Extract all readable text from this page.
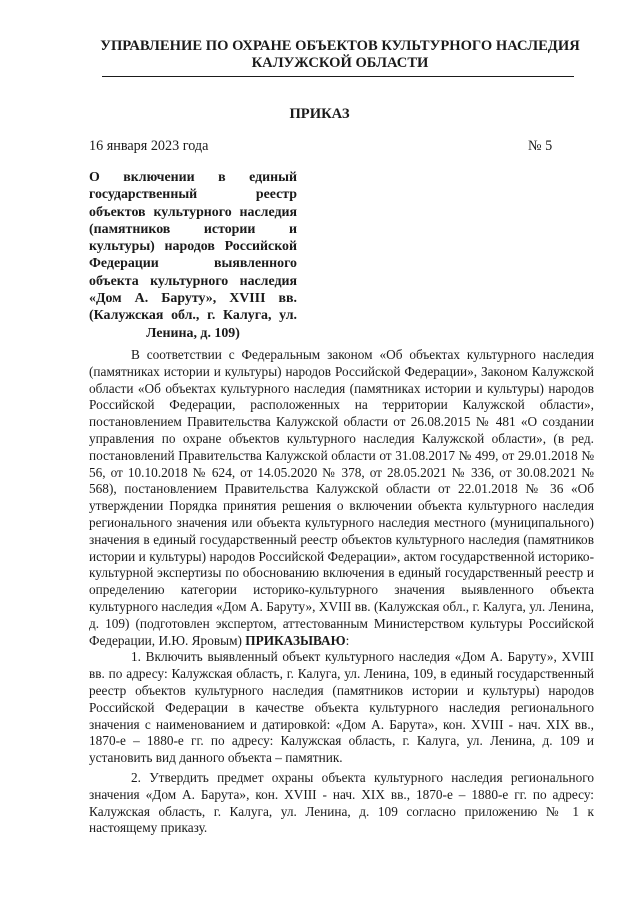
УПРАВЛЕНИЕ ПО ОХРАНЕ ОБЪЕКТОВ КУЛЬТУРНОГО НАСЛЕДИЯ
КАЛУЖСКОЙ ОБЛАСТИ
ПРИКАЗ
16 января 2023 года	№ 5
О включении в единый
государственный реестр
объектов культурного наследия
(памятников истории и
культуры) народов Российской
Федерации выявленного
объекта культурного наследия
«Дом А. Баруту», XVIII вв.
(Калужская обл., г. Калуга, ул.
Ленина, д. 109)

В соответствии с Федеральным законом «Об объектах культурного наследия (памятниках истории и культуры) народов Российской Федерации», Законом Калужской области «Об объектах культурного наследия (памятниках истории и культуры) народов Российской Федерации, расположенных на территории Калужской области», постановлением Правительства Калужской области от 26.08.2015 № 481 «О создании управления по охране объектов культурного наследия Калужской области», (в ред. постановлений Правительства Калужской области от 31.08.2017 № 499, от 29.01.2018 № 56, от 10.10.2018 № 624, от 14.05.2020 № 378, от 28.05.2021 № 336, от 30.08.2021 № 568), постановлением Правительства Калужской области от 22.01.2018 № 36 «Об утверждении Порядка принятия решения о включении объекта культурного наследия регионального значения или объекта культурного наследия местного (муниципального) значения в единый государственный реестр объектов культурного наследия (памятников истории и культуры) народов Российской Федерации», актом государственной историко-культурной экспертизы по обоснованию включения в единый государственный реестр и определению категории историко-культурного значения выявленного объекта культурного наследия «Дом А. Баруту», XVIII вв. (Калужская обл., г. Калуга, ул. Ленина, д. 109) (подготовлен экспертом, аттестованным Министерством культуры Российской Федерации, И.Ю. Яровым) ПРИКАЗЫВАЮ:

1. Включить выявленный объект культурного наследия «Дом А. Баруту», XVIII вв. по адресу: Калужская область, г. Калуга, ул. Ленина, 109, в единый государственный реестр объектов культурного наследия (памятников истории и культуры) народов Российской Федерации в качестве объекта культурного наследия регионального значения с наименованием и датировкой: «Дом А. Барута», кон. XVIII - нач. XIX вв., 1870-е – 1880-е гг. по адресу: Калужская область, г. Калуга, ул. Ленина, д. 109 и установить вид данного объекта – памятник.

2. Утвердить предмет охраны объекта культурного наследия регионального значения «Дом А. Барута», кон. XVIII - нач. XIX вв., 1870-е – 1880-е гг. по адресу: Калужская область, г. Калуга, ул. Ленина, д. 109 согласно приложению № 1 к настоящему приказу.
